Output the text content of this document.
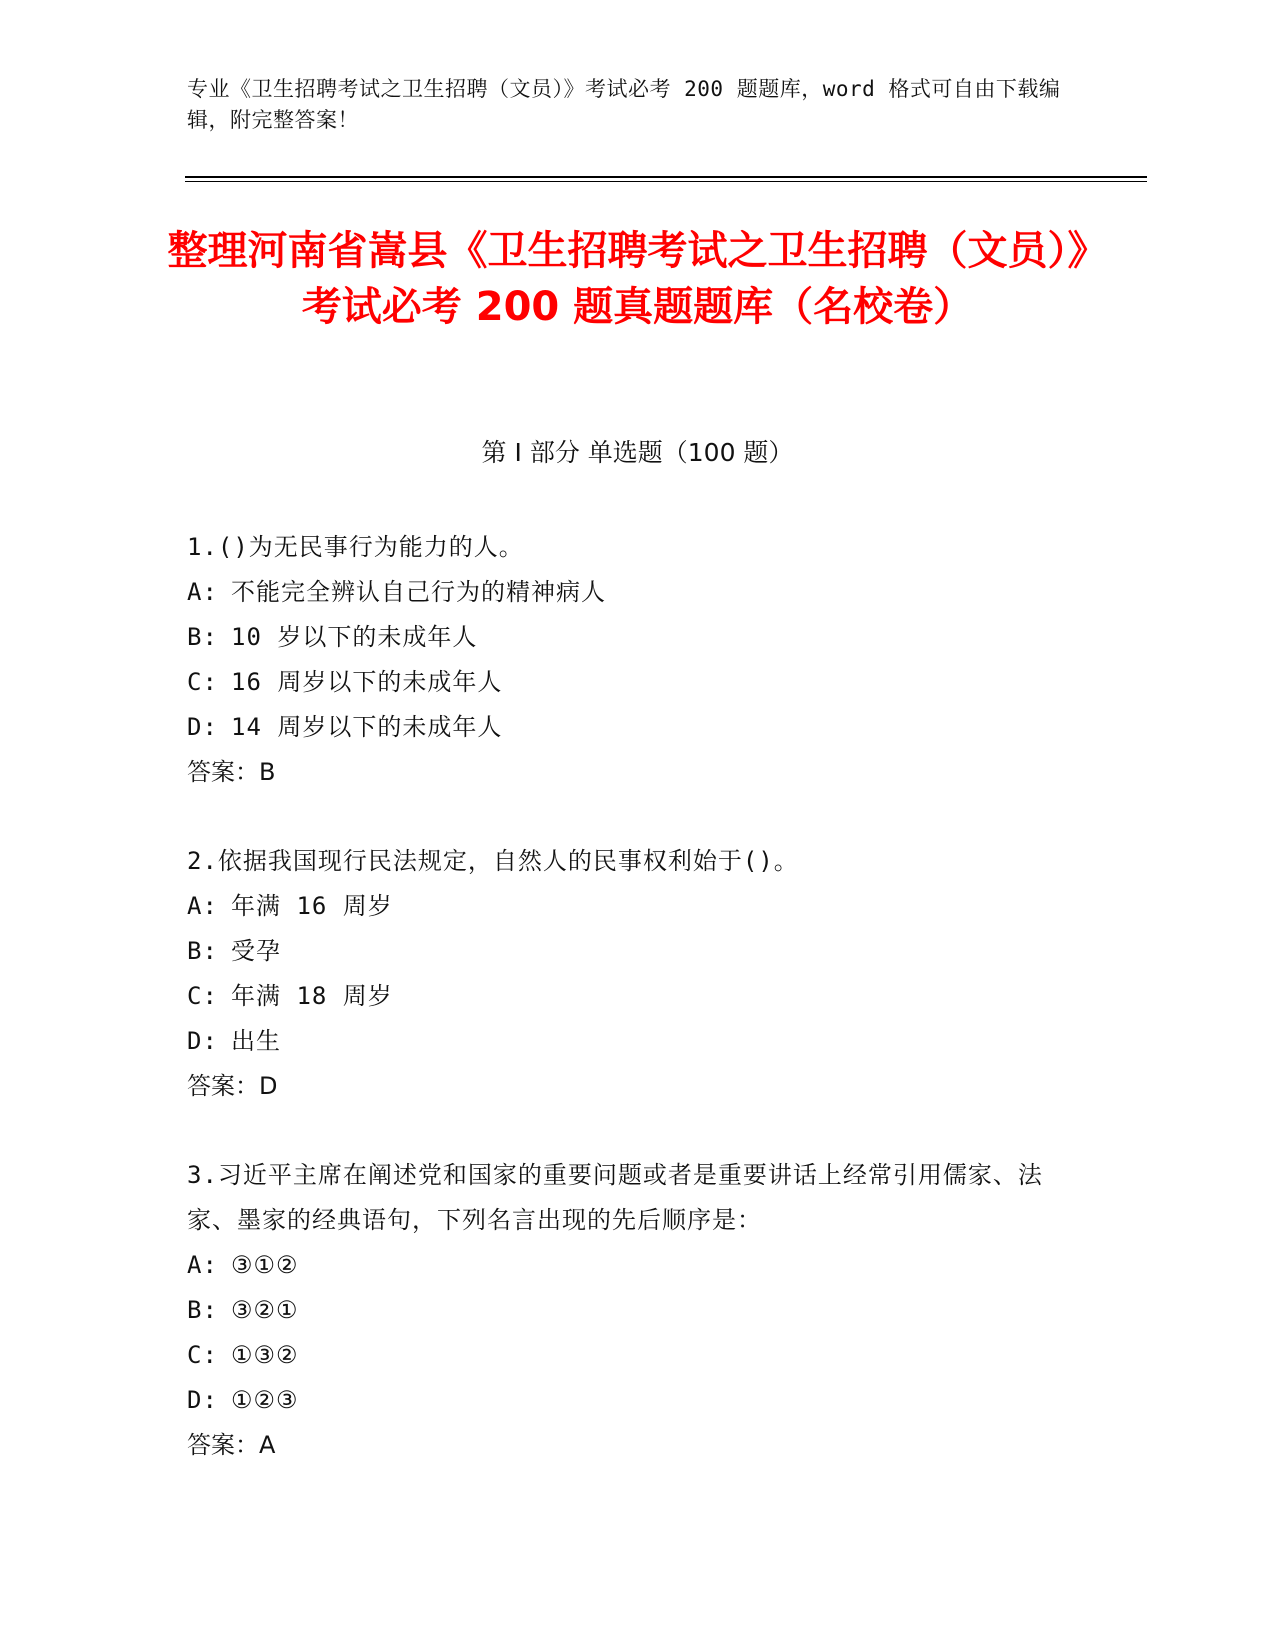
专业《卫生招聘考试之卫生招聘（文员）》考试必考 200 题题库，word 格式可自由下载编辑，附完整答案！
整理河南省嵩县《卫生招聘考试之卫生招聘（文员）》考试必考 200 题真题题库（名校卷）
第 I 部分 单选题（100 题）
1.()为无民事行为能力的人。
A: 不能完全辨认自己行为的精神病人
B: 10 岁以下的未成年人
C: 16 周岁以下的未成年人
D: 14 周岁以下的未成年人
答案：B
2.依据我国现行民法规定，自然人的民事权利始于()。
A: 年满 16 周岁
B: 受孕
C: 年满 18 周岁
D: 出生
答案：D
3.习近平主席在阐述党和国家的重要问题或者是重要讲话上经常引用儒家、法家、墨家的经典语句，下列名言出现的先后顺序是：
A: ③①②
B: ③②①
C: ①③②
D: ①②③
答案：A
